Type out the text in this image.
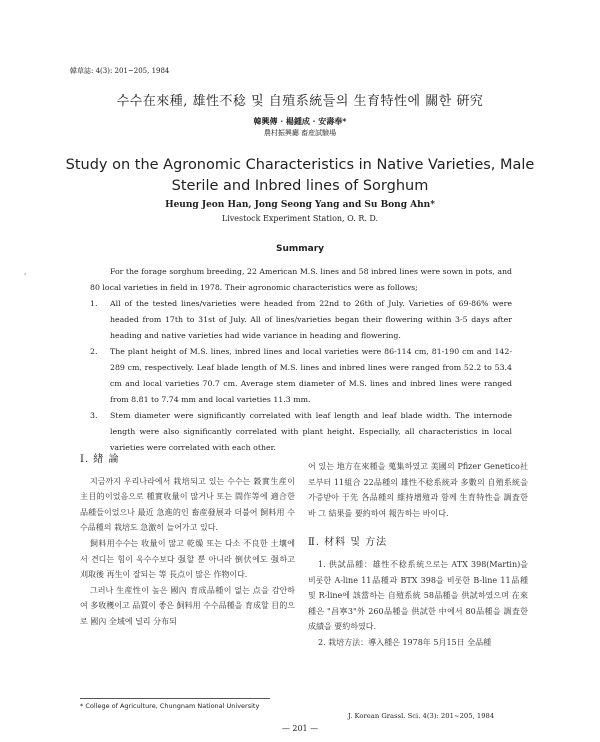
韓草誌: 4(3): 201~205, 1984
수수在來種, 雄性不稔 및 自殖系統들의 生育特性에 關한 硏究
韓興傳 · 楊鍾成 · 安壽奉*
農村振興廳 畜産試驗場
Study on the Agronomic Characteristics in Native Varieties, Male
Sterile and Inbred lines of Sorghum
Heung Jeon Han, Jong Seong Yang and Su Bong Ahn*
Livestock Experiment Station, O. R. D.
Summary

For the forage sorghum breeding, 22 American M.S. lines and 58 inbred lines were sown in pots, and 80 local varieties in field in 1978. Their agronomic characteristics were as follows;

1. All of the tested lines/varieties were headed from 22nd to 26th of July. Varieties of 69-86% were headed from 17th to 31st of July. All of lines/varieties began their flowering within 3-5 days after heading and native varieties had wide variance in heading and flowering.
2. The plant height of M.S. lines, inbred lines and local varieties were 86-114 cm, 81-190 cm and 142-289 cm, respectively. Leaf blade length of M.S. lines and inbred lines were ranged from 52.2 to 53.4 cm and local varieties 70.7 cm. Average stem diameter of M.S. lines and inbred lines were ranged from 8.81 to 7.74 mm and local varieties 11.3 mm.
3. Stem diameter were significantly correlated with leaf length and leaf blade width. The internode length were also significantly correlated with plant height. Especially, all characteristics in local varieties were correlated with each other.
Ⅰ. 緖 論

지금까지 우리나라에서 栽培되고 있는 수수는 穀實生産이 主目的이었음으로 種實收量이 많거나 또는 間作等에 適合한 品種들이었으나 最近 急進的인 畜産發展과 더불어 飼料用 수수品種의 栽培도 急激히 늘어가고 있다.

飼料用수수는 收量이 많고 乾燥 또는 다소 不良한 土壤에서 견디는 힘이 옥수수보다 强할 뿐 아니라 倒伏에도 强하고 刈取後 再生이 잘되는 等 長点이 많은 作物이다.

그러나 生産性이 높은 國內 育成品種이 없는 点을 감안하여 多收穫이고 品質이 좋은 飼料用 수수品種을 育成할 目的으로 國內 全域에 널리 分布되

어 있는 地方在來種을 蒐集하였고 美國의 Pfizer Genetico社로부터 11組合 22品種의 雄性不稔系統과 多數의 自殖系統을 가증받아 于先 各品種의 維持增殖과 함께 生育特性을 調査한바 그 結果를 要約하여 報告하는 바이다.

Ⅱ. 材料 및 方法

1. 供試品種：雄性不稔系統으로는 ATX 398(Martin)을 비롯한 A-line 11品種과 BTX 398을 비롯한 B-line 11品種 및 R-line에 該當하는 自殖系統 58品種을 供試하였으며 在來種은 "昌寧3"外 260品種을 供試한 中에서 80品種을 調査한 成績을 要約하였다.

2. 栽培方法：導入種은 1978年 5月15日 全品種

‹
* College of Agriculture, Chungnam National University
J. Korean Grassl. Sci. 4(3): 201~205, 1984
— 201 —
